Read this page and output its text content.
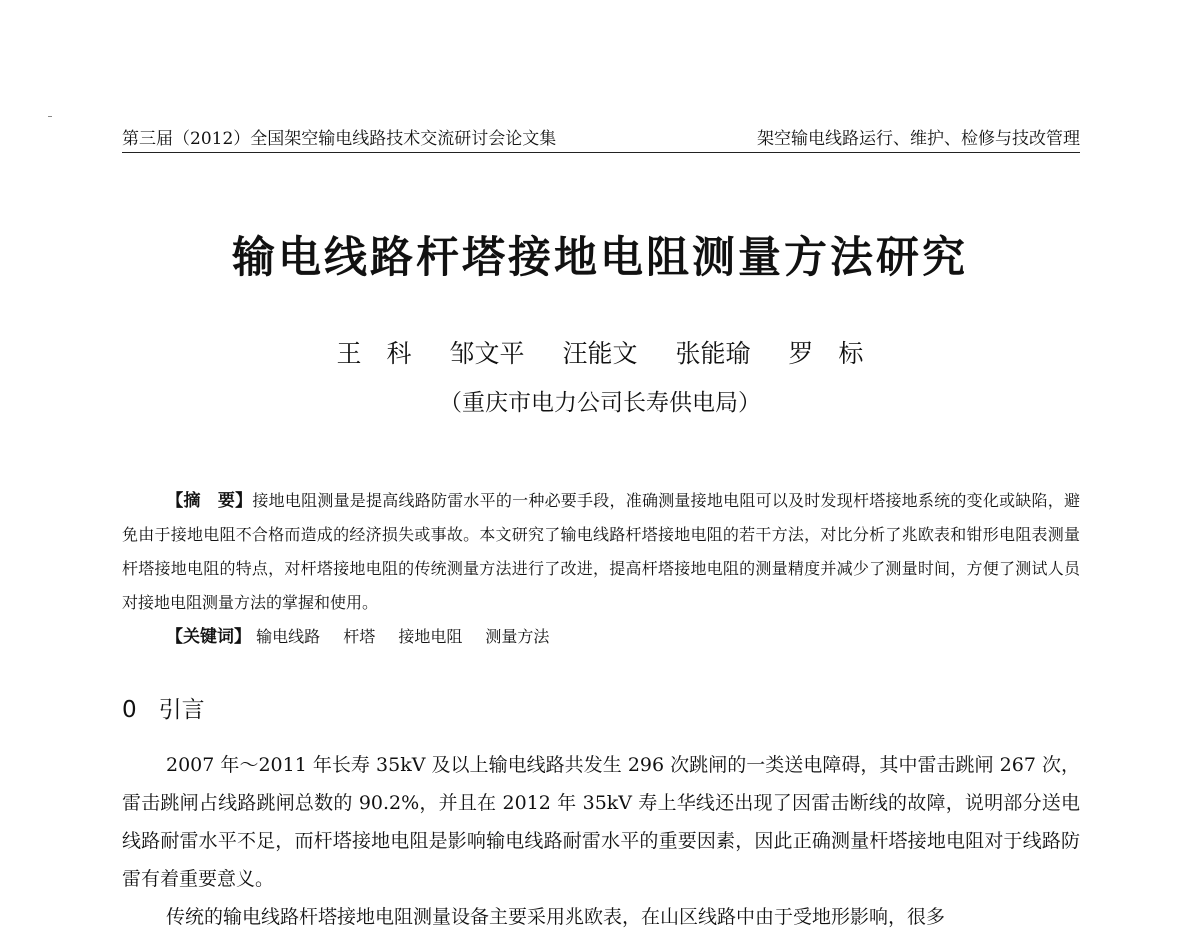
第三届（2012）全国架空输电线路技术交流研讨会论文集	架空输电线路运行、维护、检修与技改管理
输电线路杆塔接地电阻测量方法研究
王　科 邹文平 汪能文 张能瑜 罗　标
（重庆市电力公司长寿供电局）
【摘　要】接地电阻测量是提高线路防雷水平的一种必要手段，准确测量接地电阻可以及时发现杆塔接地系统的变化或缺陷，避免由于接地电阻不合格而造成的经济损失或事故。本文研究了输电线路杆塔接地电阻的若干方法，对比分析了兆欧表和钳形电阻表测量杆塔接地电阻的特点，对杆塔接地电阻的传统测量方法进行了改进，提高杆塔接地电阻的测量精度并减少了测量时间，方便了测试人员对接地电阻测量方法的掌握和使用。
【关键词】 输电线路 杆塔 接地电阻 测量方法
0 引言

2007 年～2011 年长寿 35kV 及以上输电线路共发生 296 次跳闸的一类送电障碍，其中雷击跳闸 267 次，雷击跳闸占线路跳闸总数的 90.2%，并且在 2012 年 35kV 寿上华线还出现了因雷击断线的故障，说明部分送电线路耐雷水平不足，而杆塔接地电阻是影响输电线路耐雷水平的重要因素，因此正确测量杆塔接地电阻对于线路防雷有着重要意义。

传统的输电线路杆塔接地电阻测量设备主要采用兆欧表，在山区线路中由于受地形影响，很多
